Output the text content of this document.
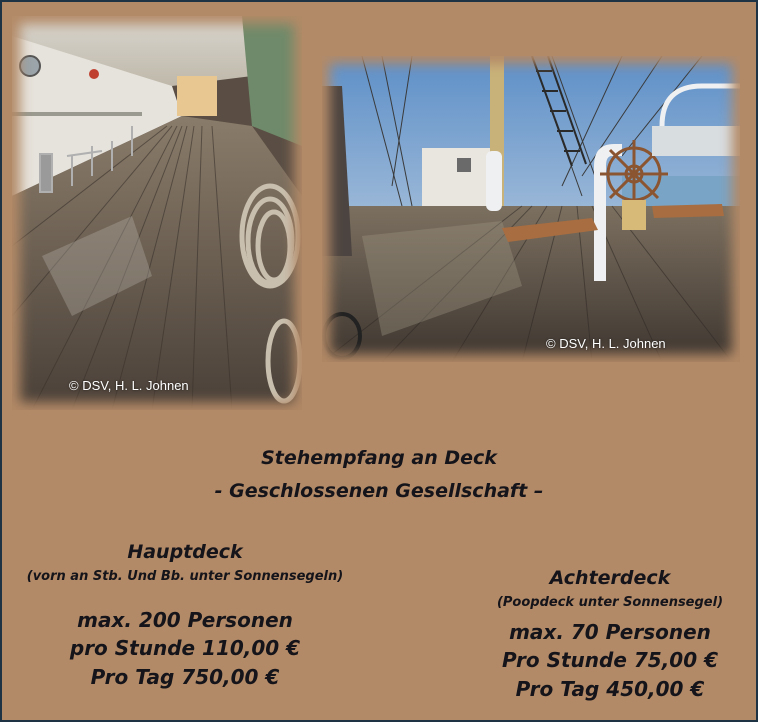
© DSV, H. L. Johnen
© DSV, H. L. Johnen
Stehempfang an Deck
- Geschlossenen Gesellschaft –
Hauptdeck
(vorn an Stb. Und Bb. unter Sonnensegeln)
max. 200 Personen
pro Stunde 110,00 €
Pro Tag 750,00 €
Achterdeck
(Poopdeck unter Sonnensegel)
max. 70 Personen
Pro Stunde 75,00 €
Pro Tag 450,00 €
